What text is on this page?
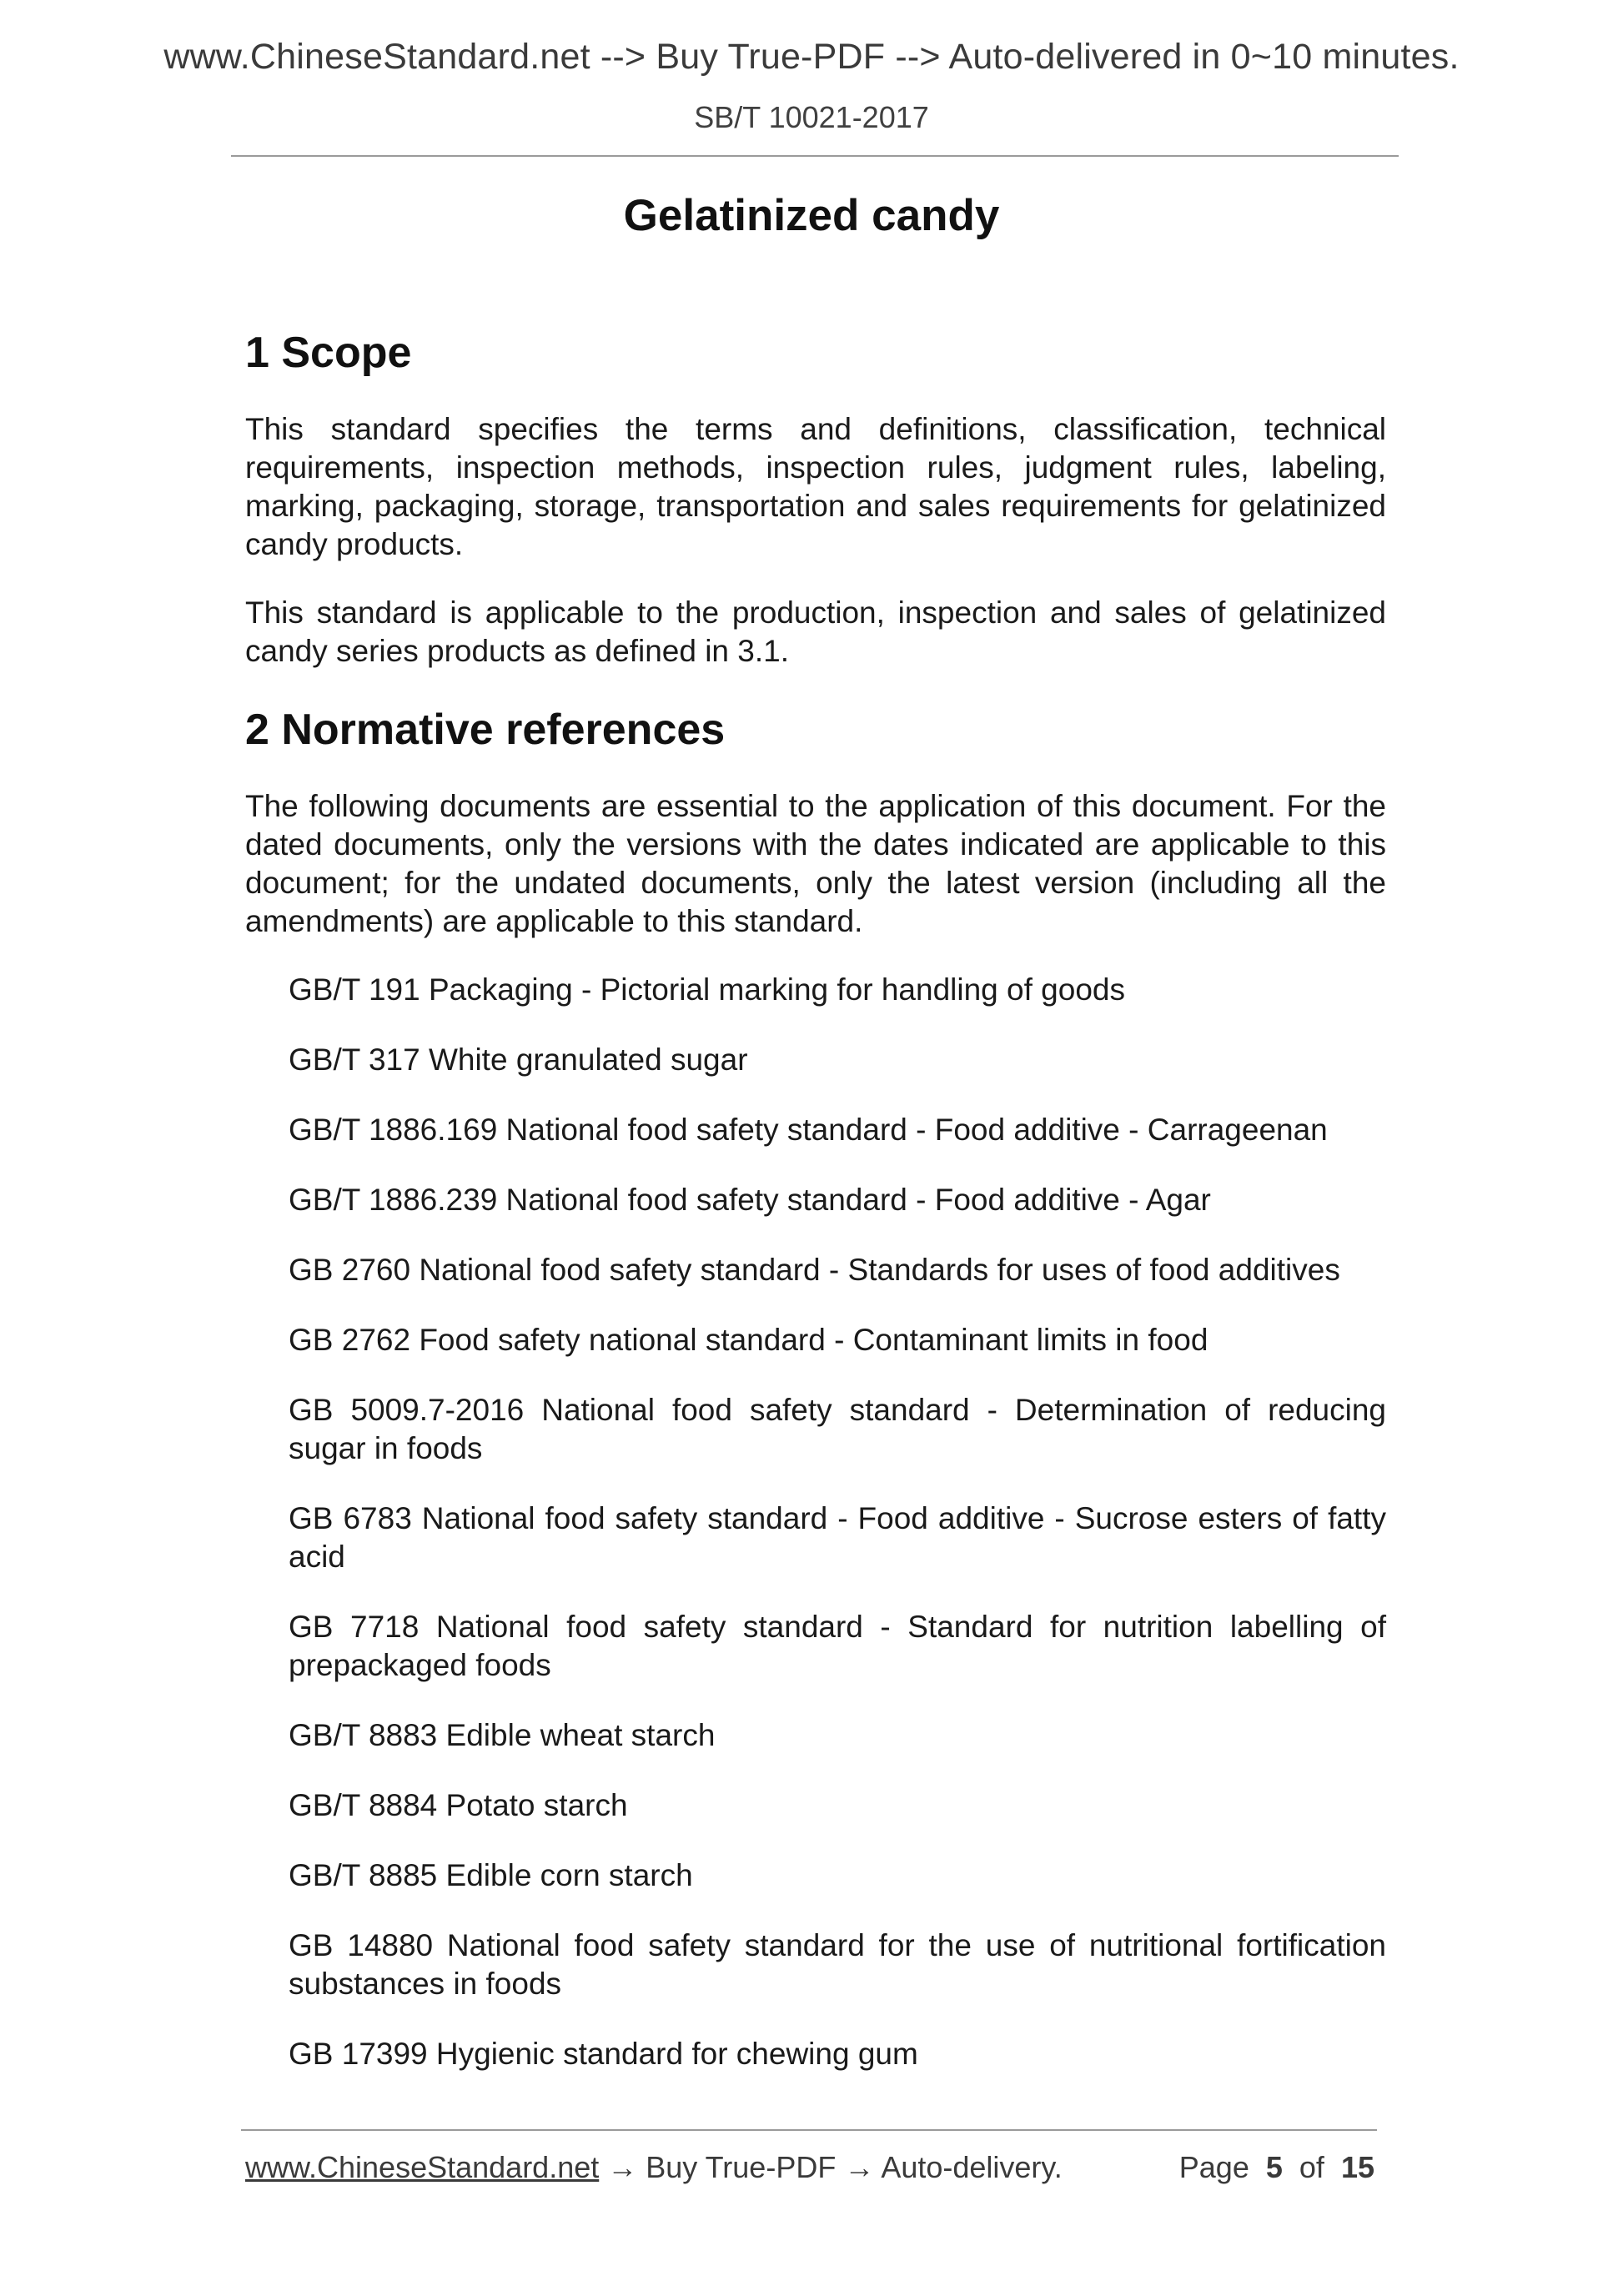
www.ChineseStandard.net --> Buy True-PDF --> Auto-delivered in 0~10 minutes.
SB/T 10021-2017
Gelatinized candy
1 Scope

This standard specifies the terms and definitions, classification, technical requirements, inspection methods, inspection rules, judgment rules, labeling, marking, packaging, storage, transportation and sales requirements for gelatinized candy products.

This standard is applicable to the production, inspection and sales of gelatinized candy series products as defined in 3.1.

2 Normative references

The following documents are essential to the application of this document. For the dated documents, only the versions with the dates indicated are applicable to this document; for the undated documents, only the latest version (including all the amendments) are applicable to this standard.

GB/T 191 Packaging - Pictorial marking for handling of goods
GB/T 317 White granulated sugar
GB/T 1886.169 National food safety standard - Food additive - Carrageenan
GB/T 1886.239 National food safety standard - Food additive - Agar
GB 2760 National food safety standard - Standards for uses of food additives
GB 2762 Food safety national standard - Contaminant limits in food
GB 5009.7-2016 National food safety standard - Determination of reducing sugar in foods
GB 6783 National food safety standard - Food additive - Sucrose esters of fatty acid
GB 7718 National food safety standard - Standard for nutrition labelling of prepackaged foods
GB/T 8883 Edible wheat starch
GB/T 8884 Potato starch
GB/T 8885 Edible corn starch
GB 14880 National food safety standard for the use of nutritional fortification substances in foods
GB 17399 Hygienic standard for chewing gum
www.ChineseStandard.net → Buy True-PDF → Auto-delivery.	Page 5 of 15
